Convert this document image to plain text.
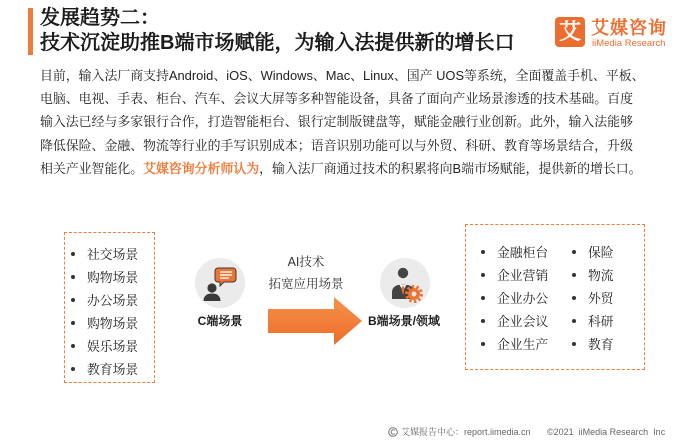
发展趋势二：
技术沉淀助推B端市场赋能，为输入法提供新的增长口 艾 艾媒咨询
iiMedia Research
目前，输入法厂商支持Android、iOS、Windows、Mac、Linux、国产 UOS等系统，全面覆盖手机、平板、
电脑、电视、手表、柜台、汽车、会议大屏等多种智能设备，具备了面向产业场景渗透的技术基础。百度
输入法已经与多家银行合作，打造智能柜台、银行定制版键盘等，赋能金融行业创新。此外，输入法能够
降低保险、金融、物流等行业的手写识别成本；语音识别功能可以与外贸、科研、教育等场景结合，升级
相关产业智能化。艾媒咨询分析师认为，输入法厂商通过技术的积累将向B端市场赋能，提供新的增长口。
社交场景
购物场景
办公场景
购物场景
娱乐场景
教育场景
C端场景
AI技术
拓宽应用场景
B端场景/领域
金融柜台
企业营销
企业办公
企业会议
企业生产
保险
物流
外贸
科研
教育
艾媒报告中心：report.iimedia.cn ©2021  iiMedia Research  Inc
